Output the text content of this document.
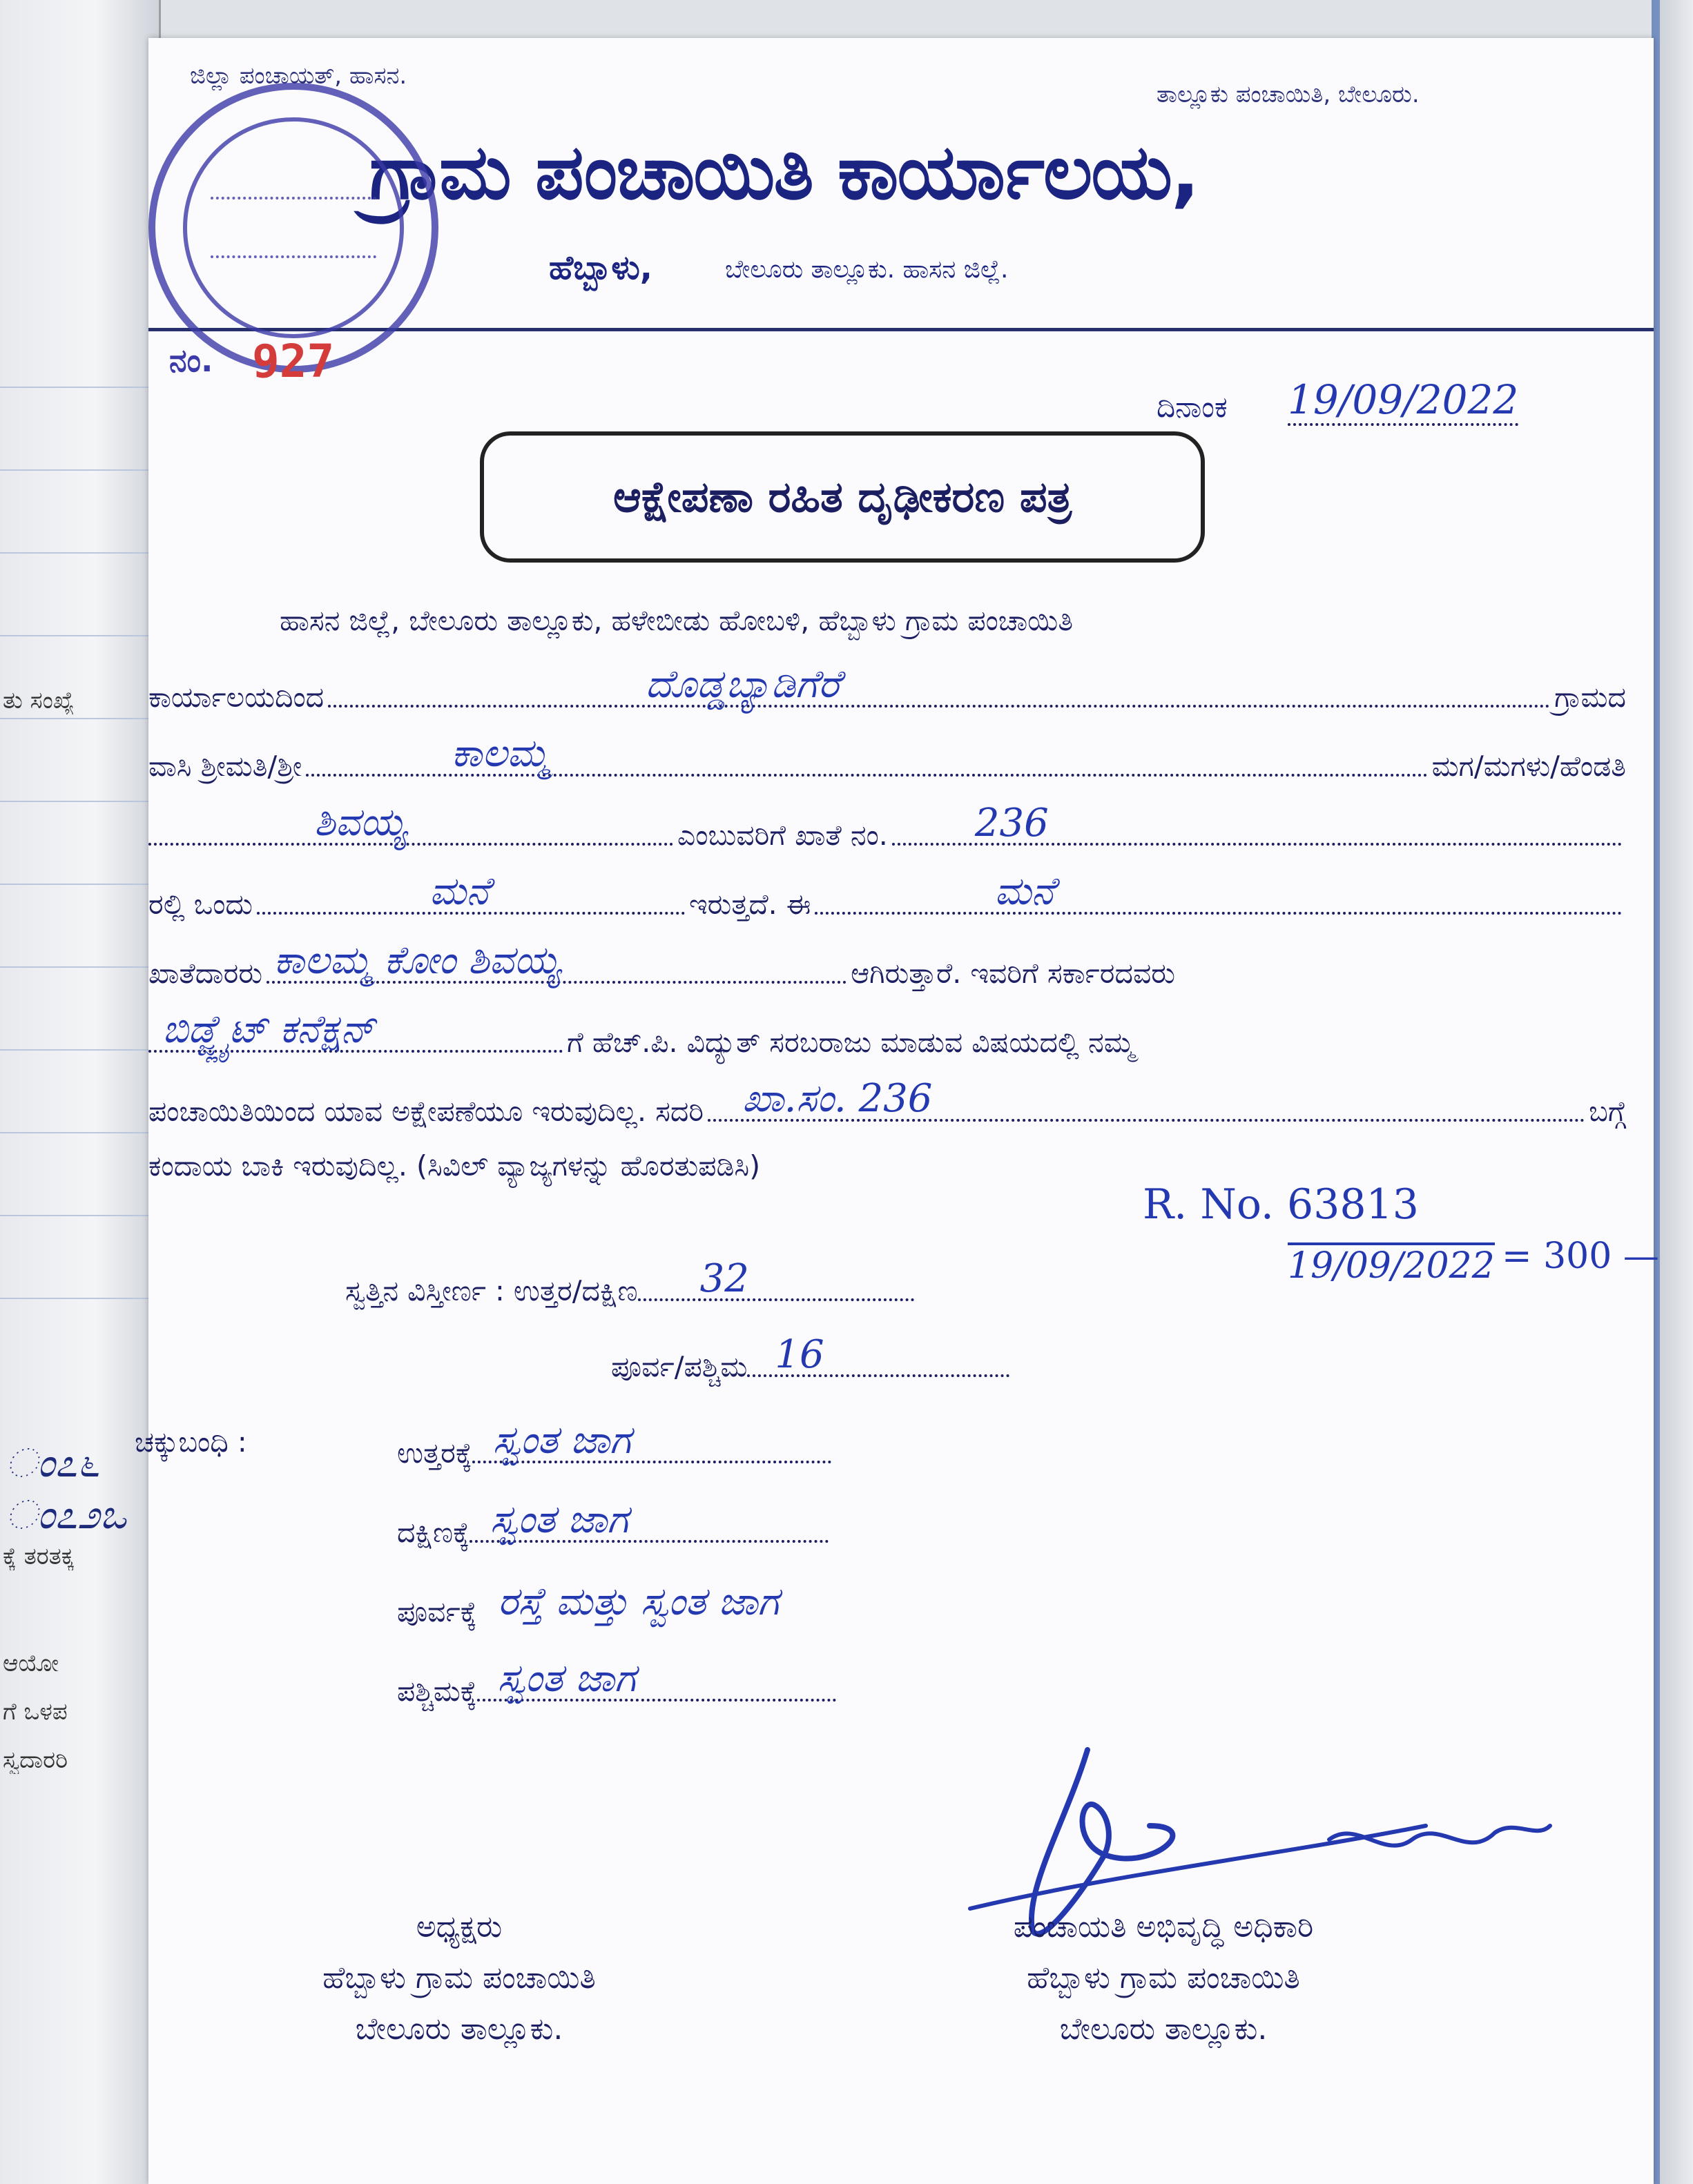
ತು ಸಂಖ್ಯೆ
ಂ೭೬
ಂ೭೨ಒ
ಕ್ಕೆ ತರತಕ್ಕ
ಆಯೋ
ಗೆ ಒಳಪ
ಸ್ವದಾರರಿ
ಜಿಲ್ಲಾ ಪಂಚಾಯತ್, ಹಾಸನ.
ತಾಲ್ಲೂಕು ಪಂಚಾಯಿತಿ, ಬೇಲೂರು.
ಗ್ರಾಮ ಪಂಚಾಯಿತಿ ಕಾರ್ಯಾಲಯ,
ಹೆಬ್ಬಾಳು,	ಬೇಲೂರು ತಾಲ್ಲೂಕು. ಹಾಸನ ಜಿಲ್ಲೆ.
ನಂ. 927
ದಿನಾಂಕ 19/09/2022
ಆಕ್ಷೇಪಣಾ ರಹಿತ ದೃಢೀಕರಣ ಪತ್ರ
ಹಾಸನ ಜಿಲ್ಲೆ, ಬೇಲೂರು ತಾಲ್ಲೂಕು, ಹಳೇಬೀಡು ಹೋಬಳಿ, ಹೆಬ್ಬಾಳು ಗ್ರಾಮ ಪಂಚಾಯಿತಿ
ಕಾರ್ಯಾಲಯದಿಂದ	ದೊಡ್ಡಬ್ಯಾಡಿಗೆರೆ	ಗ್ರಾಮದ
ವಾಸಿ ಶ್ರೀಮತಿ/ಶ್ರೀ	ಕಾಲಮ್ಮ	ಮಗ/ಮಗಳು/ಹೆಂಡತಿ
ಶಿವಯ್ಯ	ಎಂಬುವರಿಗೆ ಖಾತೆ ನಂ. 236
ರಲ್ಲಿ ಒಂದು	ಮನೆ	ಇರುತ್ತದೆ. ಈ	ಮನೆ
ಖಾತೆದಾರರು ಕಾಲಮ್ಮ ಕೋಂ ಶಿವಯ್ಯ	ಆಗಿರುತ್ತಾರೆ. ಇವರಿಗೆ ಸರ್ಕಾರದವರು
ಬಿಡ್ಜ್ಲೈಟ್ ಕನೆಕ್ಷನ್	ಗೆ ಹೆಚ್.ಪಿ. ವಿದ್ಯುತ್ ಸರಬರಾಜು ಮಾಡುವ ವಿಷಯದಲ್ಲಿ ನಮ್ಮ
ಪಂಚಾಯಿತಿಯಿಂದ ಯಾವ ಅಕ್ಷೇಪಣೆಯೂ ಇರುವುದಿಲ್ಲ. ಸದರಿ ಖಾ.ಸಂ. 236	ಬಗ್ಗೆ
ಕಂದಾಯ ಬಾಕಿ ಇರುವುದಿಲ್ಲ. (ಸಿವಿಲ್ ವ್ಯಾಜ್ಯಗಳನ್ನು ಹೊರತುಪಡಿಸಿ)
R. No. 63813
19/09/2022 = 300 —
ಸ್ವತ್ತಿನ ವಿಸ್ತೀರ್ಣ : ಉತ್ತರ/ದಕ್ಷಿಣ 32
ಪೂರ್ವ/ಪಶ್ಚಿಮ 16
ಚಕ್ಕುಬಂಧಿ :	ಉತ್ತರಕ್ಕೆ ಸ್ವಂತ ಜಾಗ
ದಕ್ಷಿಣಕ್ಕೆ ಸ್ವಂತ ಜಾಗ
ಪೂರ್ವಕ್ಕೆ ರಸ್ತೆ ಮತ್ತು ಸ್ವಂತ ಜಾಗ
ಪಶ್ಚಿಮಕ್ಕೆ ಸ್ವಂತ ಜಾಗ
ಅಧ್ಯಕ್ಷರು
ಹೆಬ್ಬಾಳು ಗ್ರಾಮ ಪಂಚಾಯಿತಿ
ಬೇಲೂರು ತಾಲ್ಲೂಕು.
ಪಂಚಾಯತಿ ಅಭಿವೃದ್ಧಿ ಅಧಿಕಾರಿ
ಹೆಬ್ಬಾಳು ಗ್ರಾಮ ಪಂಚಾಯಿತಿ
ಬೇಲೂರು ತಾಲ್ಲೂಕು.
